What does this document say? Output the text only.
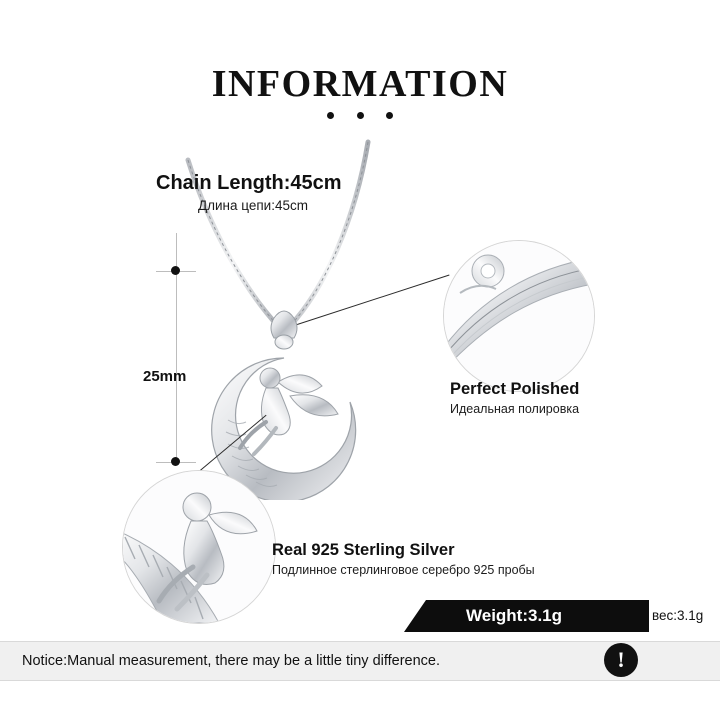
INFORMATION

Chain Length:45cm
Длина цепи:45cm
25mm
Perfect Polished
Идеальная полировка
Real 925 Sterling Silver
Подлинное стерлинговое серебро 925 пробы
Weight:3.1g	вес:3.1g
Notice:Manual measurement, there may be a little tiny difference.	!
